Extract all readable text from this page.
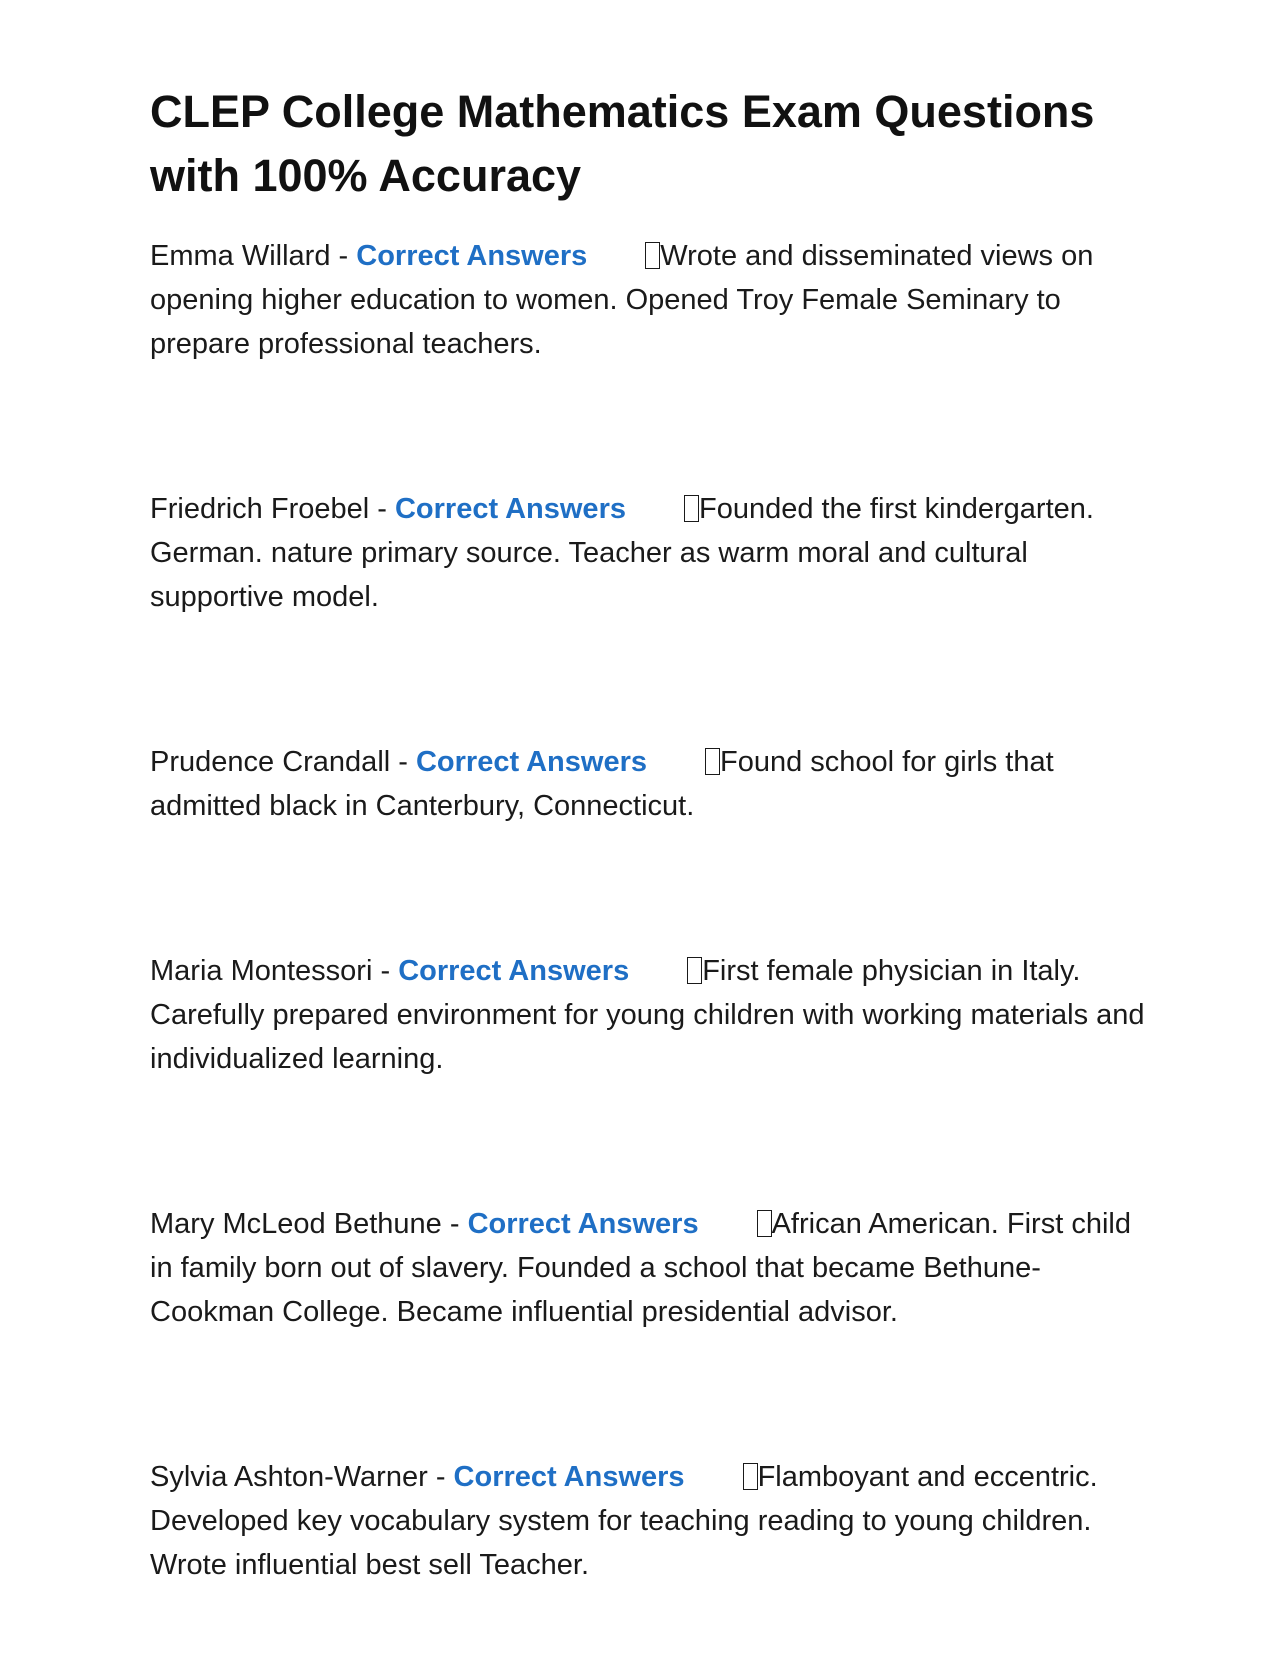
CLEP College Mathematics Exam Questions with 100% Accuracy

Emma Willard - Correct Answers	Wrote and disseminated views on opening higher education to women. Opened Troy Female Seminary to prepare professional teachers.

Friedrich Froebel - Correct Answers	Founded the first kindergarten. German. nature primary source. Teacher as warm moral and cultural supportive model.

Prudence Crandall - Correct Answers	Found school for girls that admitted black in Canterbury, Connecticut.

Maria Montessori - Correct Answers	First female physician in Italy. Carefully prepared environment for young children with working materials and individualized learning.

Mary McLeod Bethune - Correct Answers	African American. First child in family born out of slavery. Founded a school that became Bethune-Cookman College. Became influential presidential advisor.

Sylvia Ashton-Warner - Correct Answers	Flamboyant and eccentric. Developed key vocabulary system for teaching reading to young children. Wrote influential best sell Teacher.
